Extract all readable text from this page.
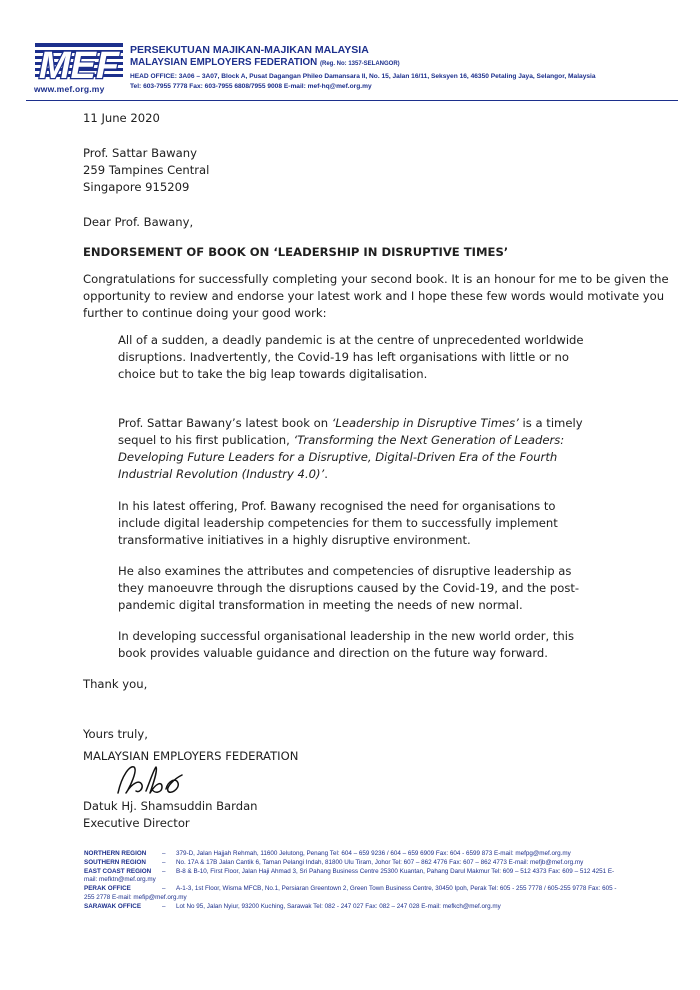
MEF
www.mef.org.my
PERSEKUTUAN MAJIKAN-MAJIKAN MALAYSIA
MALAYSIAN EMPLOYERS FEDERATION (Reg. No: 1357-SELANGOR)
HEAD OFFICE: 3A06 – 3A07, Block A, Pusat Dagangan Phileo Damansara II, No. 15, Jalan 16/11, Seksyen 16, 46350 Petaling Jaya, Selangor, Malaysia
Tel: 603-7955 7778 Fax: 603-7955 6808/7955 9008 E-mail: mef-hq@mef.org.my
11 June 2020
Prof. Sattar Bawany
259 Tampines Central
Singapore 915209
Dear Prof. Bawany,
ENDORSEMENT OF BOOK ON ‘LEADERSHIP IN DISRUPTIVE TIMES’
Congratulations for successfully completing your second book. It is an honour for me to be given the
opportunity to review and endorse your latest work and I hope these few words would motivate you
further to continue doing your good work:
All of a sudden, a deadly pandemic is at the centre of unprecedented worldwide
disruptions. Inadvertently, the Covid-19 has left organisations with little or no
choice but to take the big leap towards digitalisation.
Prof. Sattar Bawany’s latest book on ‘Leadership in Disruptive Times’ is a timely
sequel to his first publication, ‘Transforming the Next Generation of Leaders:
Developing Future Leaders for a Disruptive, Digital-Driven Era of the Fourth
Industrial Revolution (Industry 4.0)’.
In his latest offering, Prof. Bawany recognised the need for organisations to
include digital leadership competencies for them to successfully implement
transformative initiatives in a highly disruptive environment.
He also examines the attributes and competencies of disruptive leadership as
they manoeuvre through the disruptions caused by the Covid-19, and the post-
pandemic digital transformation in meeting the needs of new normal.
In developing successful organisational leadership in the new world order, this
book provides valuable guidance and direction on the future way forward.
Thank you,
Yours truly,
MALAYSIAN EMPLOYERS FEDERATION
Datuk Hj. Shamsuddin Bardan
Executive Director
NORTHERN REGION	–	379-D, Jalan Hajjah Rehmah, 11600 Jelutong, Penang Tel: 604 – 659 9236 / 604 – 659 6909 Fax: 604 - 6599 873 E-mail: mefpg@mef.org.my
SOUTHERN REGION	–	No. 17A & 17B Jalan Cantik 6, Taman Pelangi Indah, 81800 Ulu Tiram, Johor Tel: 607 – 862 4776 Fax: 607 – 862 4773 E-mail: mefjb@mef.org.my
EAST COAST REGION	–	B-8 & B-10, First Floor, Jalan Haji Ahmad 3, Sri Pahang Business Centre 25300 Kuantan, Pahang Darul Makmur Tel: 609 – 512 4373 Fax: 609 – 512 4251 E-
mail: mefktn@mef.org.my
PERAK OFFICE	–	A-1-3, 1st Floor, Wisma MFCB, No.1, Persiaran Greentown 2, Green Town Business Centre, 30450 Ipoh, Perak Tel: 605 - 255 7778 / 605-255 9778 Fax: 605 -
255 2778 E-mail: mefip@mef.org.my
SARAWAK OFFICE	–	Lot No 95, Jalan Nyiur, 93200 Kuching, Sarawak Tel: 082 - 247 027 Fax: 082 – 247 028 E-mail: mefkch@mef.org.my
